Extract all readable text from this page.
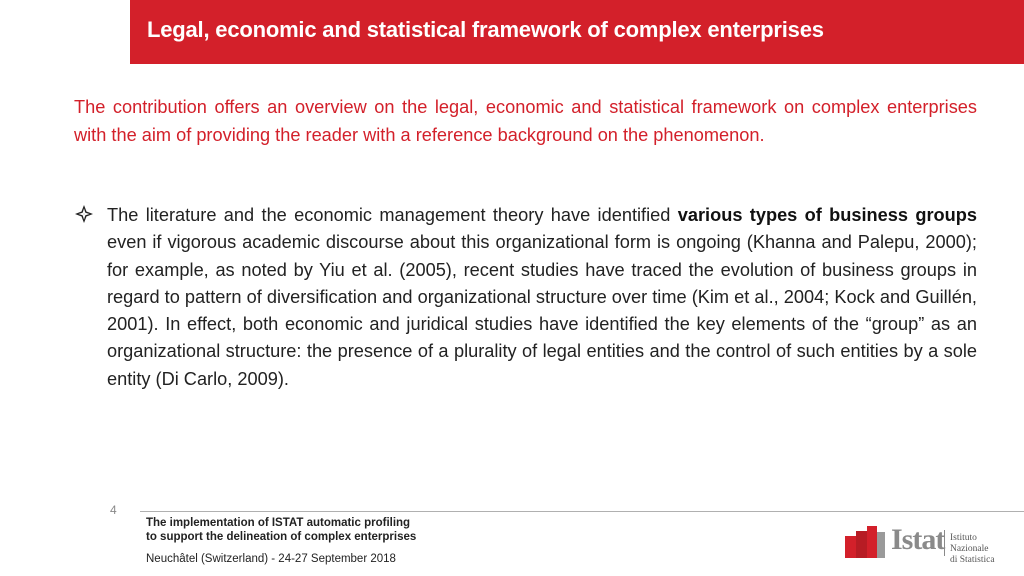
Legal, economic and statistical framework of complex enterprises

The contribution offers an overview on the legal, economic and statistical framework on complex enterprises with the aim of providing the reader with a reference background on the phenomenon.

The literature and the economic management theory have identified various types of business groups even if vigorous academic discourse about this organizational form is ongoing (Khanna and Palepu, 2000); for example, as noted by Yiu et al. (2005), recent studies have traced the evolution of business groups in regard to pattern of diversification and organizational structure over time (Kim et al., 2004; Kock and Guillén, 2001). In effect, both economic and juridical studies have identified the key elements of the “group” as an organizational structure: the presence of a plurality of legal entities and the control of such entities by a sole entity (Di Carlo, 2009).

4
The implementation of ISTAT automatic profiling
to support the delineation of complex enterprises
Neuchâtel (Switzerland) - 24-27 September 2018
Istat Istituto Nazionale
di Statistica
